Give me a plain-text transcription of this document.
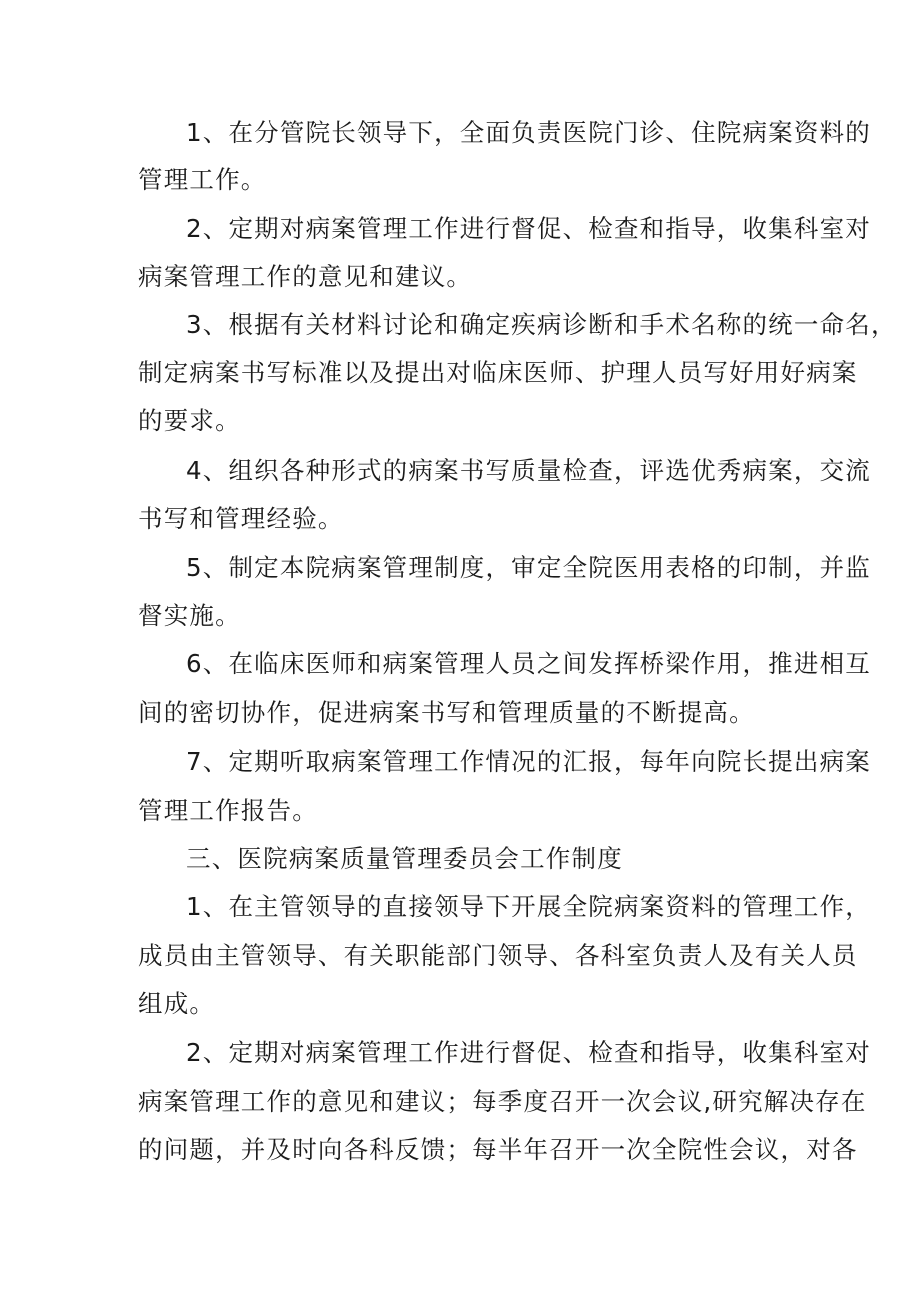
1、在分管院长领导下，全面负责医院门诊、住院病案资料的
管理工作。
2、定期对病案管理工作进行督促、检查和指导，收集科室对
病案管理工作的意见和建议。
3、根据有关材料讨论和确定疾病诊断和手术名称的统一命名，
制定病案书写标准以及提出对临床医师、护理人员写好用好病案
的要求。
4、组织各种形式的病案书写质量检查，评选优秀病案，交流
书写和管理经验。
5、制定本院病案管理制度，审定全院医用表格的印制，并监
督实施。
6、在临床医师和病案管理人员之间发挥桥梁作用，推进相互
间的密切协作，促进病案书写和管理质量的不断提高。
7、定期听取病案管理工作情况的汇报，每年向院长提出病案
管理工作报告。
三、医院病案质量管理委员会工作制度
1、在主管领导的直接领导下开展全院病案资料的管理工作，
成员由主管领导、有关职能部门领导、各科室负责人及有关人员
组成。
2、定期对病案管理工作进行督促、检查和指导，收集科室对
病案管理工作的意见和建议；每季度召开一次会议,研究解决存在
的问题，并及时向各科反馈；每半年召开一次全院性会议，对各
